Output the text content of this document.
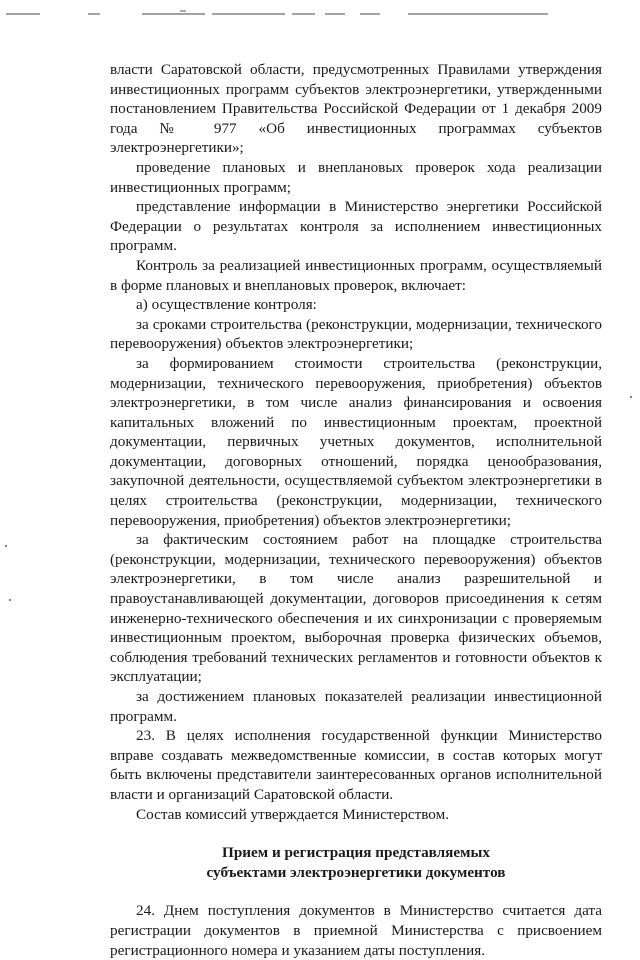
власти Саратовской области, предусмотренных Правилами утверждения инвестиционных программ субъектов электроэнергетики, утвержденными постановлением Правительства Российской Федерации от 1 декабря 2009 года № 977 «Об инвестиционных программах субъектов электроэнергетики»;

проведение плановых и внеплановых проверок хода реализации инвестиционных программ;

представление информации в Министерство энергетики Российской Федерации о результатах контроля за исполнением инвестиционных программ.

Контроль за реализацией инвестиционных программ, осуществляемый в форме плановых и внеплановых проверок, включает:

а) осуществление контроля:

за сроками строительства (реконструкции, модернизации, технического перевооружения) объектов электроэнергетики;

за формированием стоимости строительства (реконструкции, модернизации, технического перевооружения, приобретения) объектов электроэнергетики, в том числе анализ финансирования и освоения капитальных вложений по инвестиционным проектам, проектной документации, первичных учетных документов, исполнительной документации, договорных отношений, порядка ценообразования, закупочной деятельности, осуществляемой субъектом электроэнергетики в целях строительства (реконструкции, модернизации, технического перевооружения, приобретения) объектов электроэнергетики;

за фактическим состоянием работ на площадке строительства (реконструкции, модернизации, технического перевооружения) объектов электроэнергетики, в том числе анализ разрешительной и правоустанавливающей документации, договоров присоединения к сетям инженерно-технического обеспечения и их синхронизации с проверяемым инвестиционным проектом, выборочная проверка физических объемов, соблюдения требований технических регламентов и готовности объектов к эксплуатации;

за достижением плановых показателей реализации инвестиционной программ.

23. В целях исполнения государственной функции Министерство вправе создавать межведомственные комиссии, в состав которых могут быть включены представители заинтересованных органов исполнительной власти и организаций Саратовской области.

Состав комиссий утверждается Министерством.

Прием и регистрация представляемых
субъектами электроэнергетики документов

24. Днем поступления документов в Министерство считается дата регистрации документов в приемной Министерства с присвоением регистрационного номера и указанием даты поступления.
